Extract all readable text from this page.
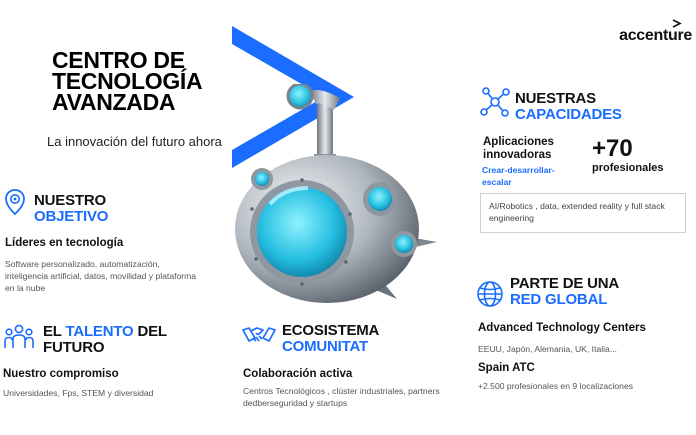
accenture
CENTRO DE
TECNOLOGÍA
AVANZADA
La innovación del futuro ahora
NUESTRO
OBJETIVO
Líderes en tecnología
Software personalizado, automatización, inteligencia artificial, datos, movilidad y plataforma en la nube
EL TALENTO DEL
FUTURO
Nuestro compromiso
Universidades, Fps, STEM y diversidad
ECOSISTEMA
COMUNITAT
Colaboración activa
Centros Tecnológicos , clúster industriales, partners dedberseguridad y startups
NUESTRAS
CAPACIDADES
Aplicaciones
innovadoras
Crear-desarrollar-
escalar
+70
profesionales
AI/Robotics , data, extended reality y full stack engineering
PARTE DE UNA
RED GLOBAL
Advanced Technology Centers
EEUU, Japón, Alemania, UK, Italia...
Spain ATC
+2.500 profesionales en 9 localizaciones
